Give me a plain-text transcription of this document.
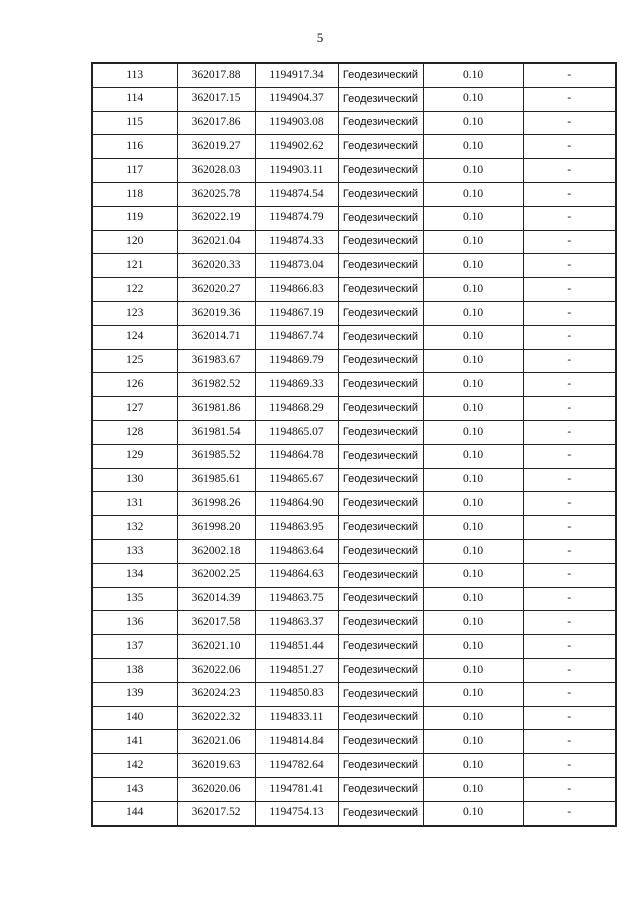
5
113	362017.88	1194917.34	Геодезический	0.10	-
114	362017.15	1194904.37	Геодезический	0.10	-
115	362017.86	1194903.08	Геодезический	0.10	-
116	362019.27	1194902.62	Геодезический	0.10	-
117	362028.03	1194903.11	Геодезический	0.10	-
118	362025.78	1194874.54	Геодезический	0.10	-
119	362022.19	1194874.79	Геодезический	0.10	-
120	362021.04	1194874.33	Геодезический	0.10	-
121	362020.33	1194873.04	Геодезический	0.10	-
122	362020.27	1194866.83	Геодезический	0.10	-
123	362019.36	1194867.19	Геодезический	0.10	-
124	362014.71	1194867.74	Геодезический	0.10	-
125	361983.67	1194869.79	Геодезический	0.10	-
126	361982.52	1194869.33	Геодезический	0.10	-
127	361981.86	1194868.29	Геодезический	0.10	-
128	361981.54	1194865.07	Геодезический	0.10	-
129	361985.52	1194864.78	Геодезический	0.10	-
130	361985.61	1194865.67	Геодезический	0.10	-
131	361998.26	1194864.90	Геодезический	0.10	-
132	361998.20	1194863.95	Геодезический	0.10	-
133	362002.18	1194863.64	Геодезический	0.10	-
134	362002.25	1194864.63	Геодезический	0.10	-
135	362014.39	1194863.75	Геодезический	0.10	-
136	362017.58	1194863.37	Геодезический	0.10	-
137	362021.10	1194851.44	Геодезический	0.10	-
138	362022.06	1194851.27	Геодезический	0.10	-
139	362024.23	1194850.83	Геодезический	0.10	-
140	362022.32	1194833.11	Геодезический	0.10	-
141	362021.06	1194814.84	Геодезический	0.10	-
142	362019.63	1194782.64	Геодезический	0.10	-
143	362020.06	1194781.41	Геодезический	0.10	-
144	362017.52	1194754.13	Геодезический	0.10	-
